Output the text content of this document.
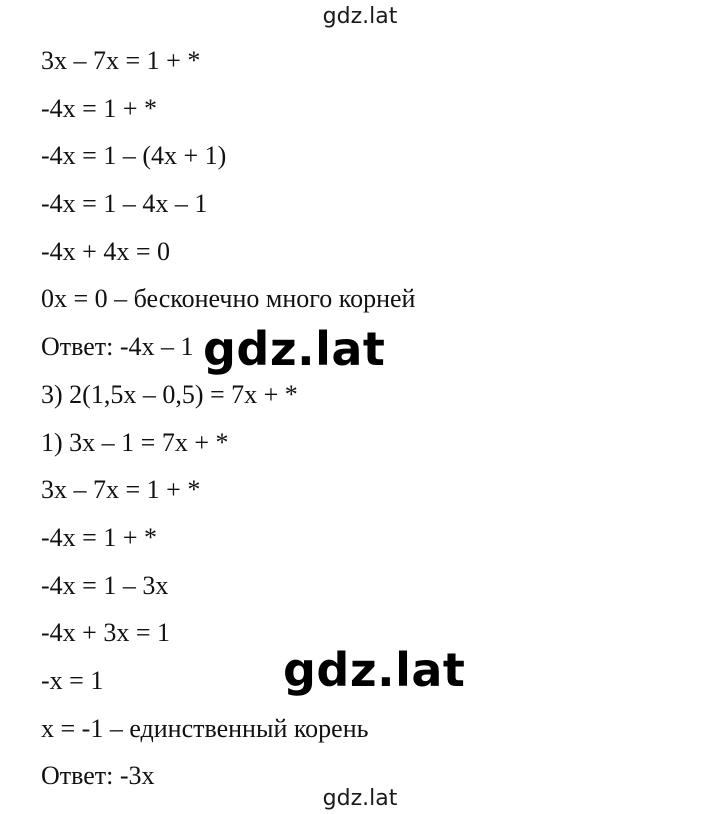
gdz.lat
3x – 7x = 1 + *
-4x = 1 + *
-4x = 1 – (4x + 1)
-4x = 1 – 4x – 1
-4x + 4x = 0
0x = 0 – бесконечно много корней
Ответ: -4x – 1
3) 2(1,5x – 0,5) = 7x + *
1) 3x – 1 = 7x + *
3x – 7x = 1 + *
-4x = 1 + *
-4x = 1 – 3x
-4x + 3x = 1
-x = 1
x = -1 – единственный корень
Ответ: -3x
gdz.lat
gdz.lat
gdz.lat
